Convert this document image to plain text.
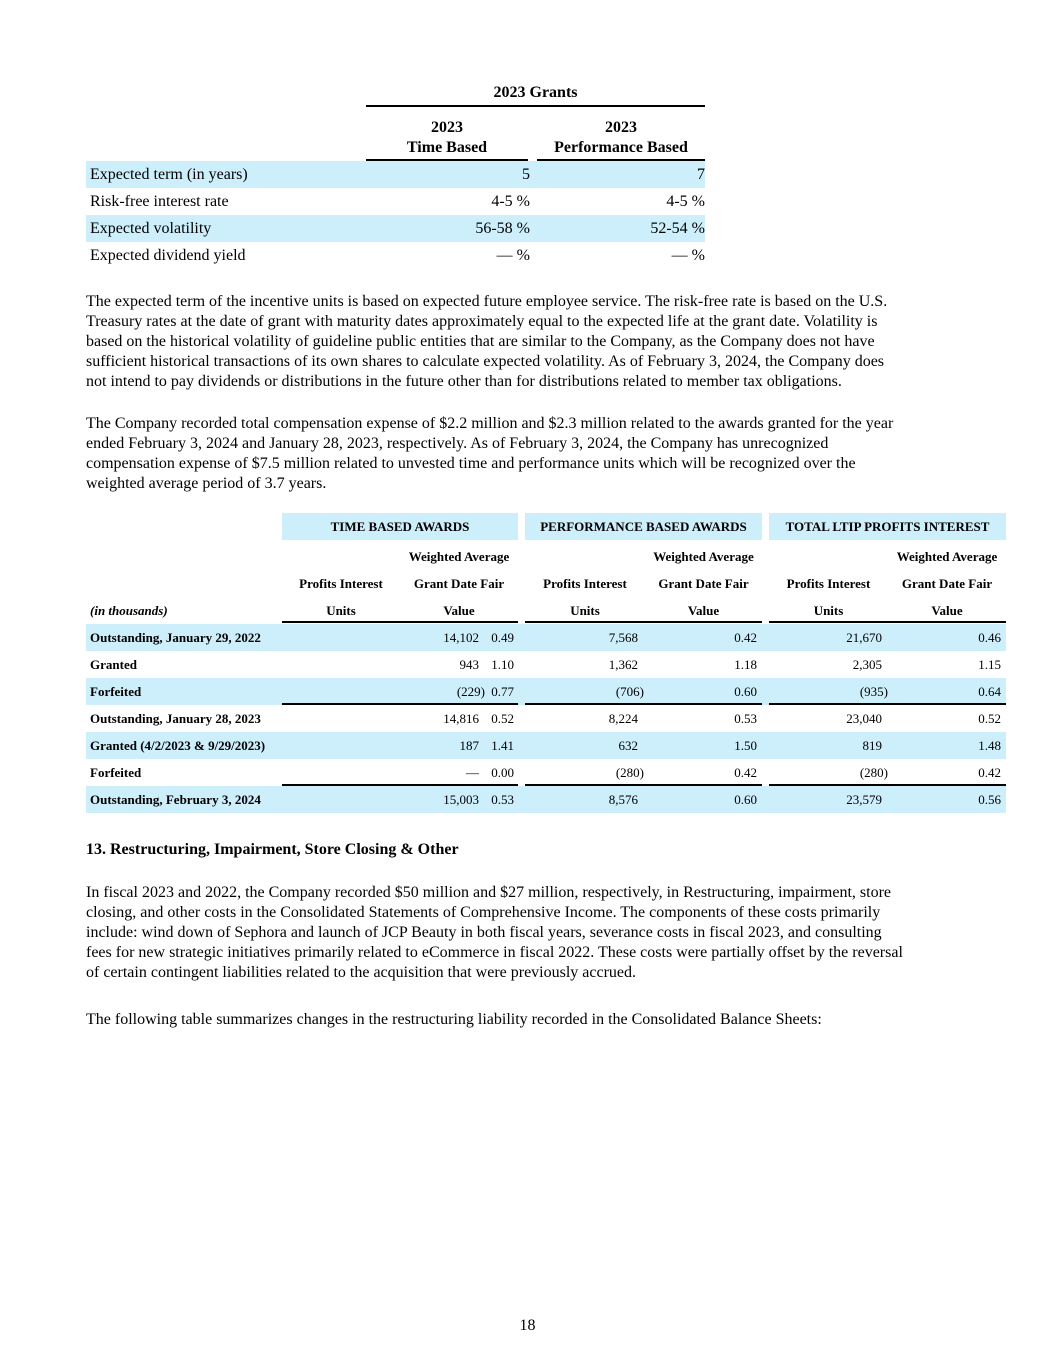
2023 Grants
2023
Time Based
2023
Performance Based
Expected term (in years)	5	7
Risk-free interest rate	4-5 %	4-5 %
Expected volatility	56-58 %	52-54 %
Expected dividend yield	— %	— %
The expected term of the incentive units is based on expected future employee service. The risk-free rate is based on the U.S.
Treasury rates at the date of grant with maturity dates approximately equal to the expected life at the grant date. Volatility is
based on the historical volatility of guideline public entities that are similar to the Company, as the Company does not have
sufficient historical transactions of its own shares to calculate expected volatility. As of February 3, 2024, the Company does
not intend to pay dividends or distributions in the future other than for distributions related to member tax obligations.
The Company recorded total compensation expense of $2.2 million and $2.3 million related to the awards granted for the year
ended February 3, 2024 and January 28, 2023, respectively. As of February 3, 2024, the Company has unrecognized
compensation expense of $7.5 million related to unvested time and performance units which will be recognized over the
weighted average period of 3.7 years.
TIME BASED AWARDS	PERFORMANCE BASED AWARDS	TOTAL LTIP PROFITS INTEREST
Weighted Average	Weighted Average	Weighted Average
Profits Interest	Grant Date Fair	Profits Interest	Grant Date Fair	Profits Interest	Grant Date Fair
(in thousands)	Units	Value	Units	Value	Units	Value
Outstanding, January 29, 2022	14,102 0.49	7,568	0.42	21,670	0.46
Granted	943 1.10	1,362	1.18	2,305	1.15
Forfeited	(229) 0.77	(706)	0.60	(935)	0.64
Outstanding, January 28, 2023	14,816 0.52	8,224	0.53	23,040	0.52
Granted (4/2/2023 & 9/29/2023)	187 1.41	632	1.50	819	1.48
Forfeited	— 0.00	(280)	0.42	(280)	0.42
Outstanding, February 3, 2024	15,003 0.53	8,576	0.60	23,579	0.56
13. Restructuring, Impairment, Store Closing & Other
In fiscal 2023 and 2022, the Company recorded $50 million and $27 million, respectively, in Restructuring, impairment, store
closing, and other costs in the Consolidated Statements of Comprehensive Income. The components of these costs primarily
include: wind down of Sephora and launch of JCP Beauty in both fiscal years, severance costs in fiscal 2023, and consulting
fees for new strategic initiatives primarily related to eCommerce in fiscal 2022. These costs were partially offset by the reversal
of certain contingent liabilities related to the acquisition that were previously accrued.
The following table summarizes changes in the restructuring liability recorded in the Consolidated Balance Sheets:
18
